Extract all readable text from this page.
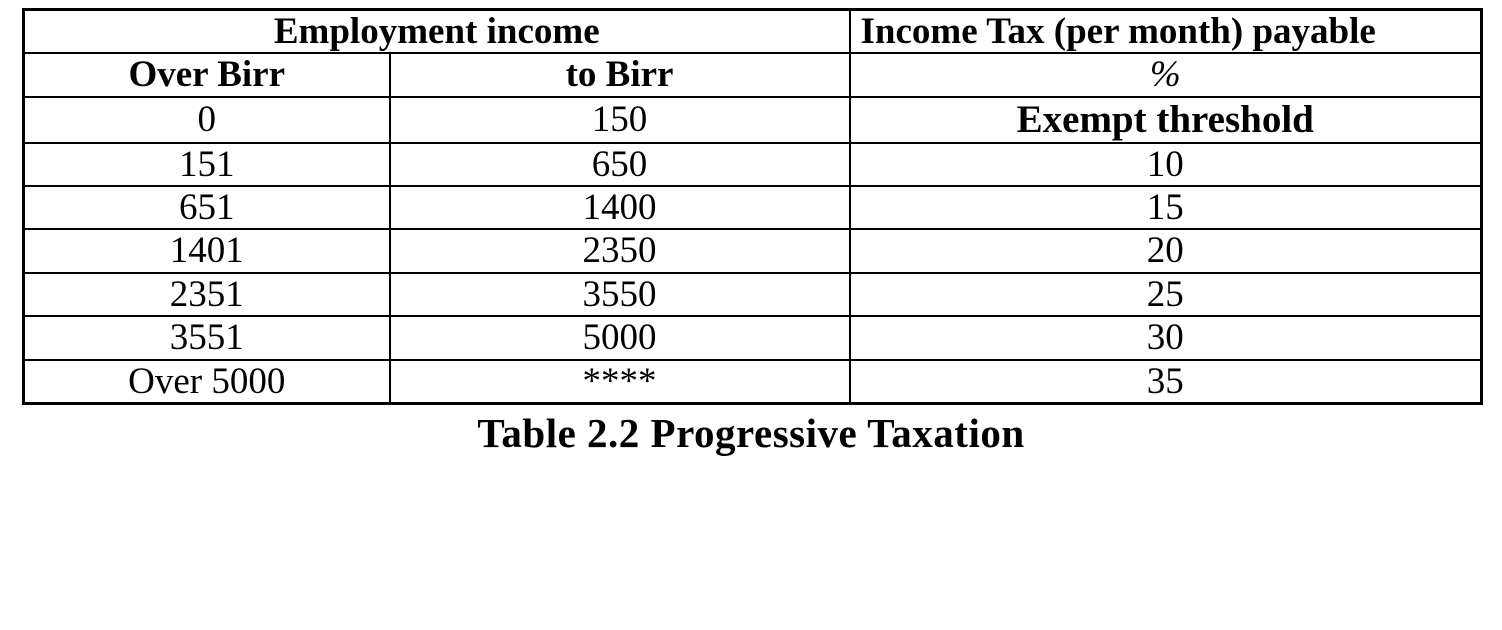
Employment income		Income Tax (per month) payable
Over Birr	to Birr	%
0	150	Exempt threshold
151	650	10
651	1400	15
1401	2350	20
2351	3550	25
3551	5000	30
Over 5000	****	35
Table 2.2 Progressive Taxation
